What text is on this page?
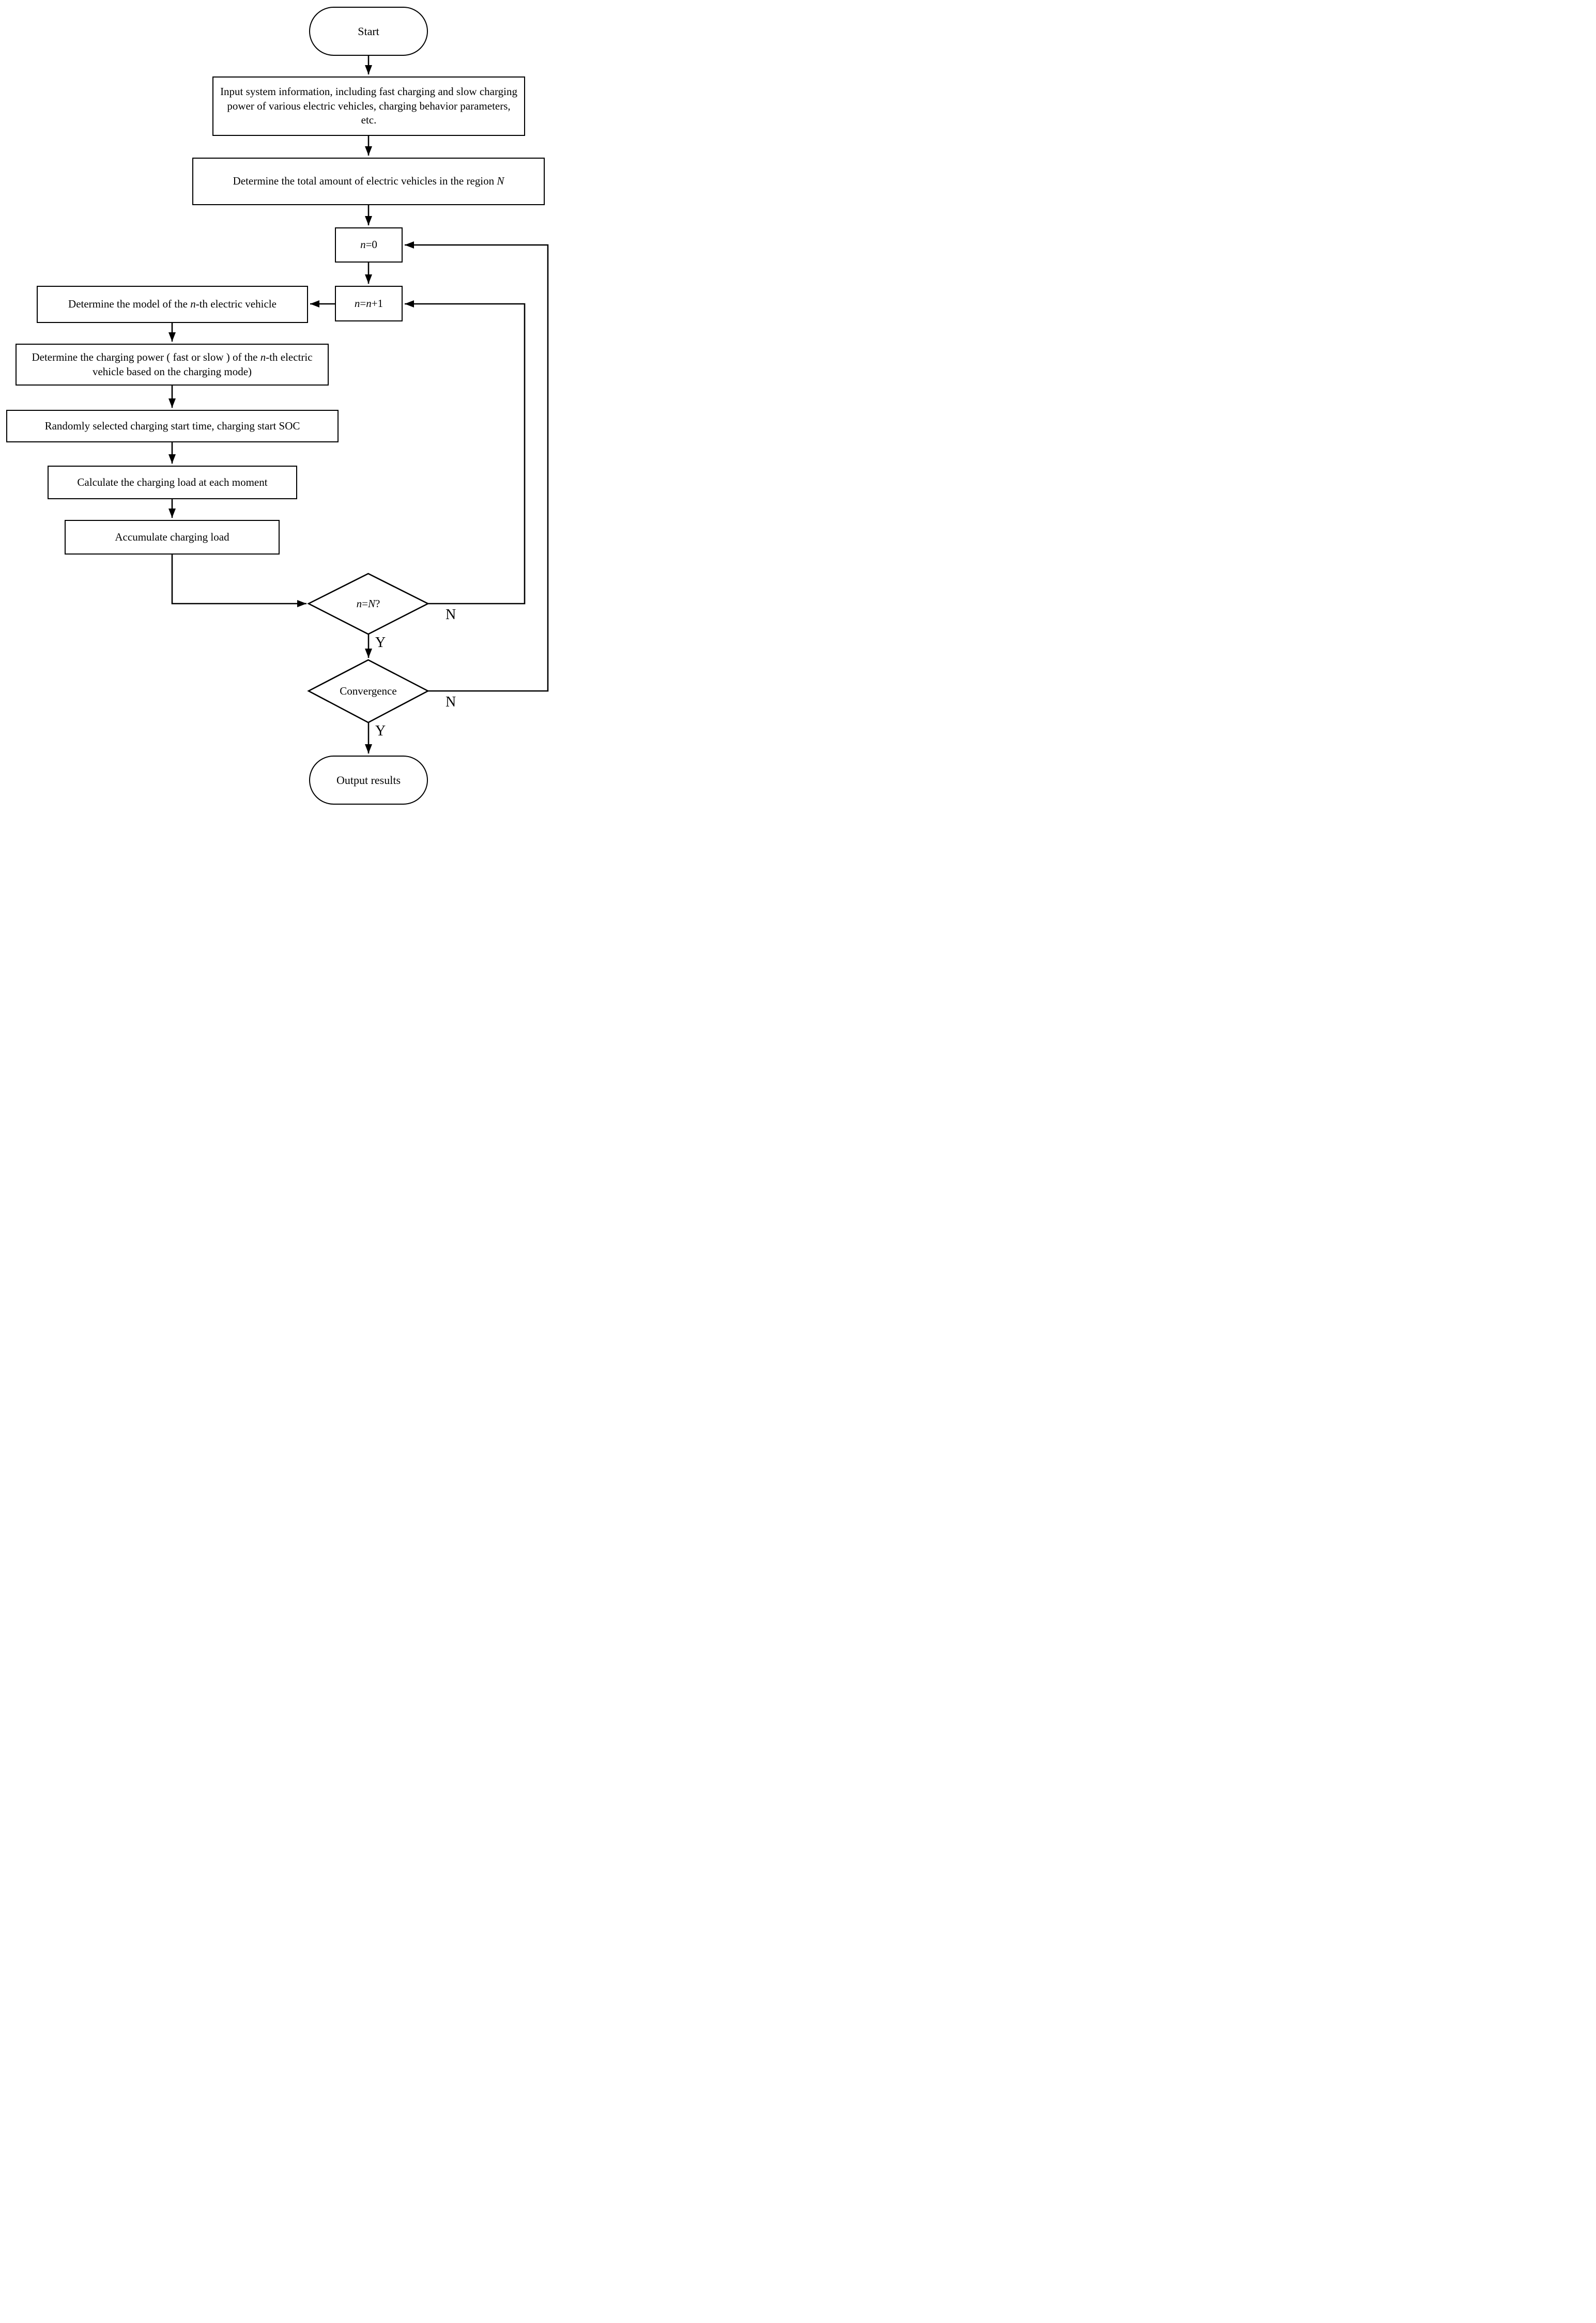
Start
Input system information, including fast charging and slow charging power of various electric vehicles, charging behavior parameters, etc.
Determine the total amount of electric vehicles in the region N
n=0
n=n+1
Determine the model of the n-th electric vehicle
Determine the charging power ( fast or slow ) of the n-th electric vehicle based on the charging mode)
Randomly selected charging start time, charging start SOC
Calculate the charging load at each moment
Accumulate charging load
n=N?
Convergence
Output results
Y
N
Y
N
